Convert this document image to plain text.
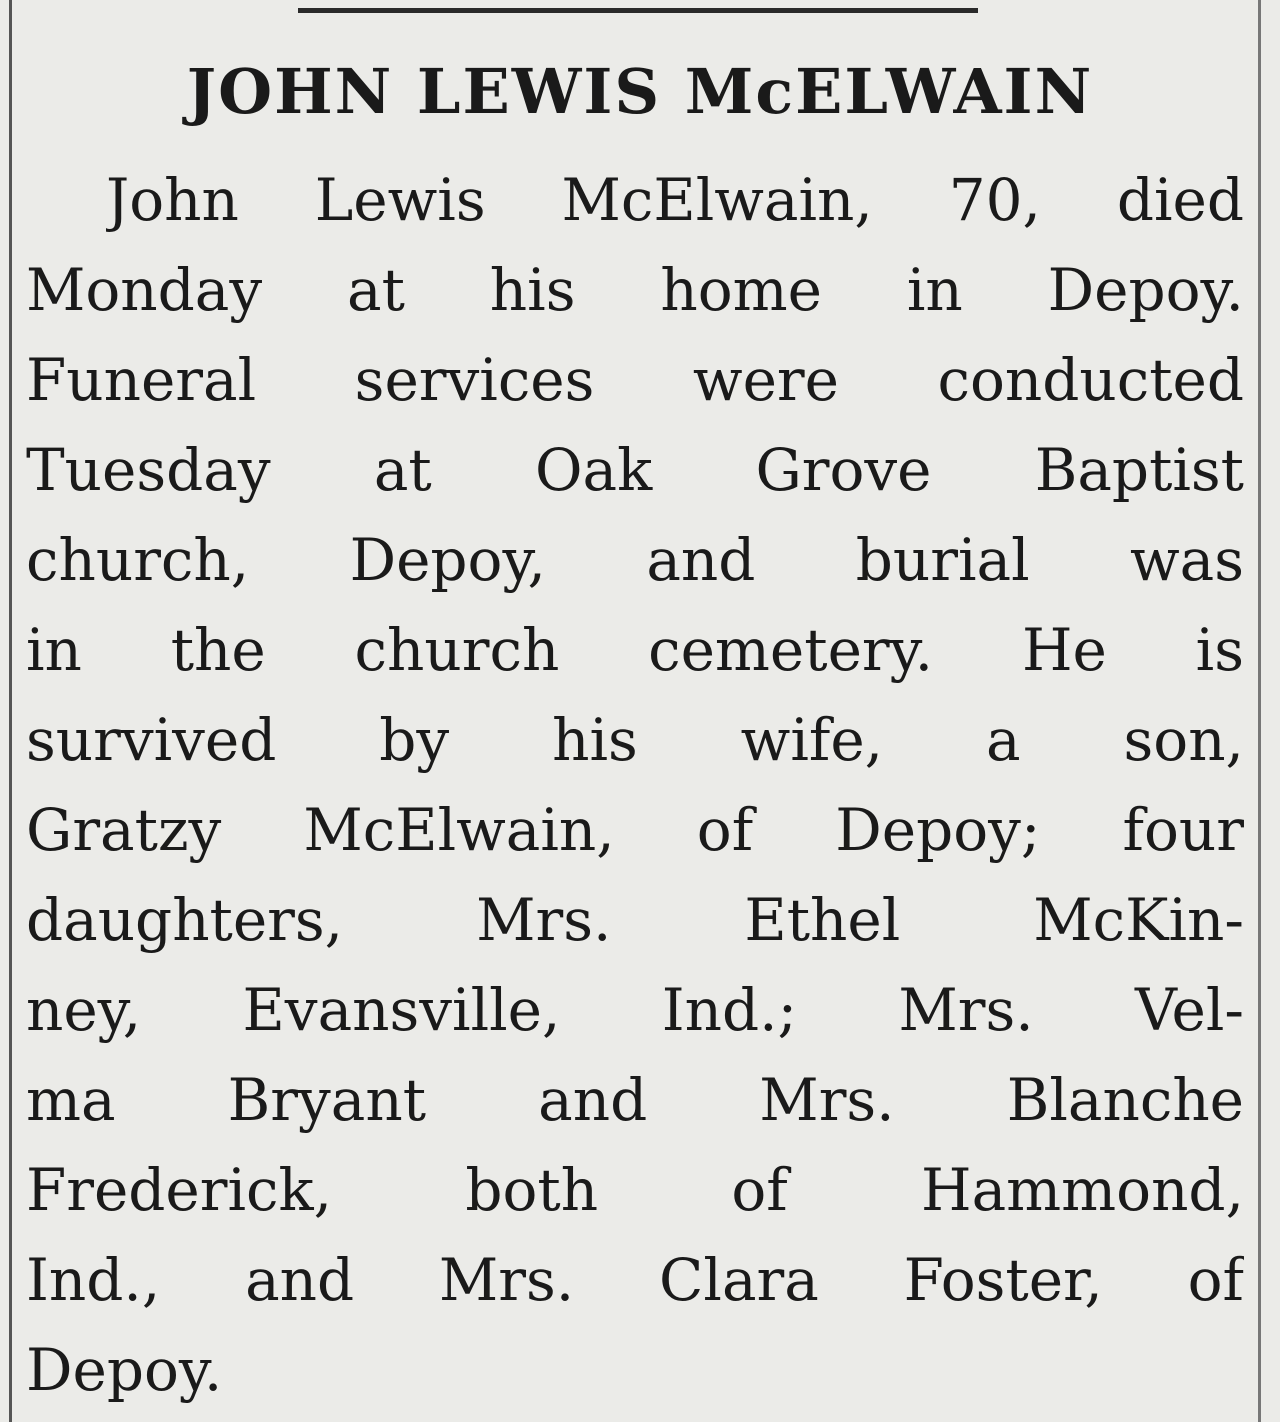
JOHN LEWIS McELWAIN
John Lewis McElwain, 70, died
Monday at his home in Depoy.
Funeral services were conducted
Tuesday at Oak Grove Baptist
church, Depoy, and burial was
in the church cemetery. He is
survived by his wife, a son,
Gratzy McElwain, of Depoy; four
daughters, Mrs. Ethel McKin-
ney, Evansville, Ind.; Mrs. Vel-
ma Bryant and Mrs. Blanche
Frederick, both of Hammond,
Ind., and Mrs. Clara Foster, of
Depoy.
